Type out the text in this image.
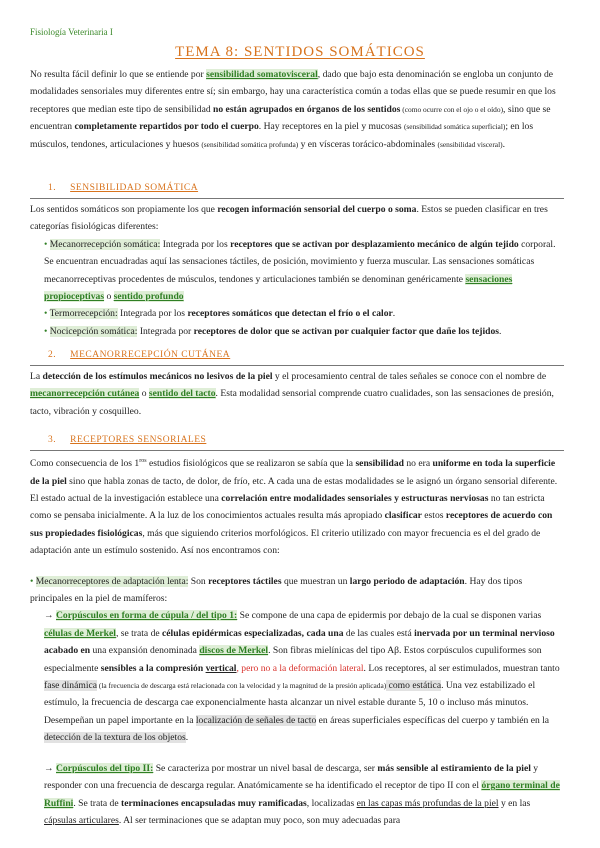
Fisiología Veterinaria I
TEMA 8: SENTIDOS SOMÁTICOS
No resulta fácil definir lo que se entiende por sensibilidad somatovisceral, dado que bajo esta denominación se engloba un conjunto de modalidades sensoriales muy diferentes entre sí; sin embargo, hay una característica común a todas ellas que se puede resumir en que los receptores que median este tipo de sensibilidad no están agrupados en órganos de los sentidos (como ocurre con el ojo o el oído), sino que se encuentran completamente repartidos por todo el cuerpo. Hay receptores en la piel y mucosas (sensibilidad somática superficial); en los músculos, tendones, articulaciones y huesos (sensibilidad somática profunda) y en vísceras torácico-abdominales (sensibilidad visceral).
1. SENSIBILIDAD SOMÁTICA
Los sentidos somáticos son propiamente los que recogen información sensorial del cuerpo o soma. Estos se pueden clasificar en tres categorías fisiológicas diferentes:
• Mecanorrecepción somática: Integrada por los receptores que se activan por desplazamiento mecánico de algún tejido corporal. Se encuentran encuadradas aquí las sensaciones táctiles, de posición, movimiento y fuerza muscular. Las sensaciones somáticas mecanorreceptivas procedentes de músculos, tendones y articulaciones también se denominan genéricamente sensaciones propioceptivas o sentido profundo
• Termorrecepción: Integrada por los receptores somáticos que detectan el frío o el calor.
• Nocicepción somática: Integrada por receptores de dolor que se activan por cualquier factor que dañe los tejidos.
2. MECANORRECEPCIÓN CUTÁNEA
La detección de los estímulos mecánicos no lesivos de la piel y el procesamiento central de tales señales se conoce con el nombre de mecanorrecepción cutánea o sentido del tacto. Esta modalidad sensorial comprende cuatro cualidades, son las sensaciones de presión, tacto, vibración y cosquilleo.
3. RECEPTORES SENSORIALES
Como consecuencia de los $1^{ros}$ estudios fisiológicos que se realizaron se sabía que la sensibilidad no era uniforme en toda la superficie de la piel sino que habla zonas de tacto, de dolor, de frío, etc. A cada una de estas modalidades se le asignó un órgano sensorial diferente. El estado actual de la investigación establece una correlación entre modalidades sensoriales y estructuras nerviosas no tan estricta como se pensaba inicialmente. A la luz de los conocimientos actuales resulta más apropiado clasificar estos receptores de acuerdo con sus propiedades fisiológicas, más que siguiendo criterios morfológicos. El criterio utilizado con mayor frecuencia es el del grado de adaptación ante un estímulo sostenido. Así nos encontramos con:
• Mecanorreceptores de adaptación lenta: Son receptores táctiles que muestran un largo periodo de adaptación. Hay dos tipos principales en la piel de mamíferos:
→ Corpúsculos en forma de cúpula / del tipo 1: Se compone de una capa de epidermis por debajo de la cual se disponen varias células de Merkel, se trata de células epidérmicas especializadas, cada una de las cuales está inervada por un terminal nervioso acabado en una expansión denominada discos de Merkel. Son fibras mielínicas del tipo Aβ. Estos corpúsculos cupuliformes son especialmente sensibles a la compresión vertical, pero no a la deformación lateral. Los receptores, al ser estimulados, muestran tanto fase dinámica (la frecuencia de descarga está relacionada con la velocidad y la magnitud de la presión aplicada) como estática. Una vez estabilizado el estímulo, la frecuencia de descarga cae exponencialmente hasta alcanzar un nivel estable durante 5, 10 o incluso más minutos. Desempeñan un papel importante en la localización de señales de tacto en áreas superficiales específicas del cuerpo y también en la detección de la textura de los objetos.
→ Corpúsculos del tipo II: Se caracteriza por mostrar un nivel basal de descarga, ser más sensible al estiramiento de la piel y responder con una frecuencia de descarga regular. Anatómicamente se ha identificado el receptor de tipo II con el órgano terminal de Ruffini. Se trata de terminaciones encapsuladas muy ramificadas, localizadas en las capas más profundas de la piel y en las cápsulas articulares. Al ser terminaciones que se adaptan muy poco, son muy adecuadas para
